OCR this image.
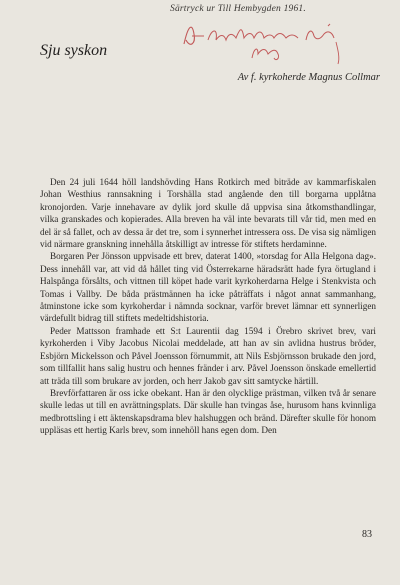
Särtryck ur Till Hembygden 1961.
Sju syskon
Av f. kyrkoherde Magnus Collmar

Den 24 juli 1644 höll landshövding Hans Rotkirch med biträde av kammarfiskalen Johan Westhius rannsakning i Torshälla stad angående den till borgarna upplåtna kronojorden. Varje innehavare av dylik jord skulle då uppvisa sina åtkomsthandlingar, vilka granskades och kopierades. Alla breven ha väl inte bevarats till vår tid, men med en del är så fallet, och av dessa är det tre, som i synnerhet intressera oss. De visa sig nämligen vid närmare granskning innehålla åtskilligt av intresse för stiftets herdaminne.

Borgaren Per Jönsson uppvisade ett brev, daterat 1400, »torsdag for Alla Helgona dag». Dess innehåll var, att vid då hållet ting vid Österrekarne häradsrätt hade fyra örtugland i Halspånga försålts, och vittnen till köpet hade varit kyrkoherdarna Helge i Stenkvista och Tomas i Vallby. De båda prästmännen ha icke påträffats i något annat sammanhang, åtminstone icke som kyrkoherdar i nämnda socknar, varför brevet lämnar ett synnerligen värdefullt bidrag till stiftets medeltidshistoria.

Peder Mattsson framhade ett S:t Laurentii dag 1594 i Örebro skrivet brev, vari kyrkoherden i Viby Jacobus Nicolai meddelade, att han av sin avlidna hustrus bröder, Esbjörn Mickelsson och Påvel Joensson förnummit, att Nils Esbjörnsson brukade den jord, som tillfallit hans salig hustru och hennes fränder i arv. Påvel Joensson önskade emellertid att träda till som brukare av jorden, och herr Jakob gav sitt samtycke härtill.

Brevförfattaren är oss icke obekant. Han är den olycklige prästman, vilken två år senare skulle ledas ut till en avrättningsplats. Där skulle han tvingas åse, hurusom hans kvinnliga medbrottsling i ett äktenskapsdrama blev halshuggen och bränd. Därefter skulle för honom uppläsas ett hertig Karls brev, som innehöll hans egen dom. Den

83
